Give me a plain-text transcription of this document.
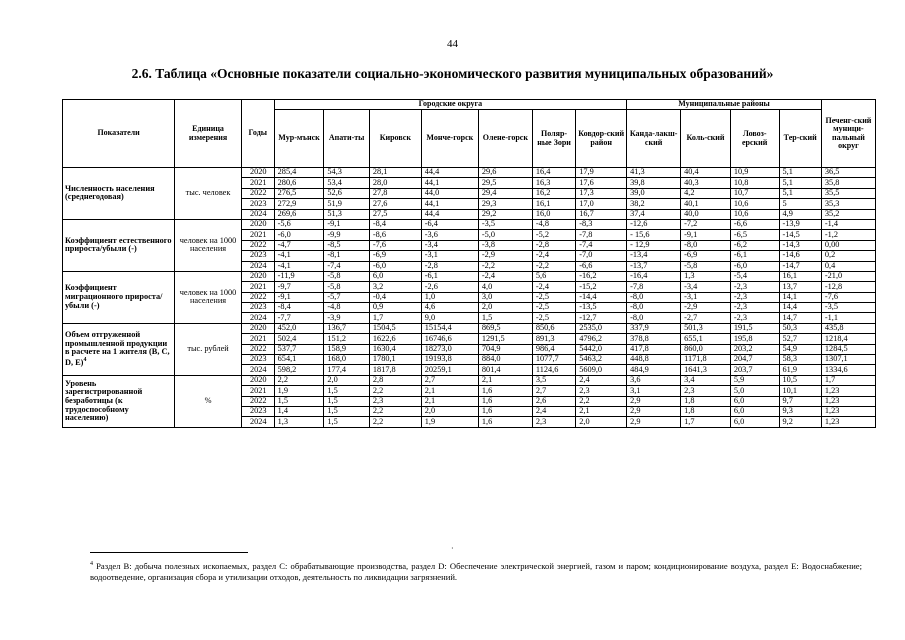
44
2.6. Таблица «Основные показатели социально-экономического развития муниципальных образований»
Показатели	Единица измерения	Годы	Городские округа							Муниципальные районы				Печенг-ский муници-пальный округ
			Мур-мънск	Апати-ты	Кировск	Монче-горск	Олене-горск	Поляр-ные Зори	Ковдор-ский район	Канда-лакш-ский	Коль-ский	Ловоз-ерский	Тер-ский	
Численность населения (среднегодовая)	тыс. человек	2020	285,4	54,3	28,1	44,4	29,6	16,4	17,9	41,3	40,4	10,9	5,1	36,5
		2021	280,6	53,4	28,0	44,1	29,5	16,3	17,6	39,8	40,3	10,8	5,1	35,8
		2022	276,5	52,6	27,8	44,0	29,4	16,2	17,3	39,0	4,2	10,7	5,1	35,5
		2023	272,9	51,9	27,6	44,1	29,3	16,1	17,0	38,2	40,1	10,6	5	35,3
		2024	269,6	51,3	27,5	44,4	29,2	16,0	16,7	37,4	40,0	10,6	4,9	35,2
Коэффициент естественного прироста/убыли (-)	человек на 1000 населения	2020	-5,6	-9,1	-8,4	-6,4	-3,5	-4,8	-8,3	-12,6	-7,2	-6,6	-13,9	-1,4
		2021	-6,0	-9,9	-8,6	-3,6	-5,0	-5,2	-7,8	- 15,6	-9,1	-6,5	-14,5	-1,2
		2022	-4,7	-8,5	-7,6	-3,4	-3,8	-2,8	-7,4	- 12,9	-8,0	-6,2	-14,3	0,00
		2023	-4,1	-8,1	-6,9	-3,1	-2,9	-2,4	-7,0	-13,4	-6,9	-6,1	-14,6	0,2
		2024	-4,1	-7,4	-6,0	-2,8	-2,2	-2,2	-6,6	-13,7	-5,8	-6,0	-14,7	0,4
Коэффициент миграционного прироста/убыли (-)	человек на 1000 населения	2020	-11,9	-5,8	6,0	-6,1	-2,4	5,6	-16,2	-16,4	1,3	-5,4	16,1	-21,0
		2021	-9,7	-5,8	3,2	-2,6	4,0	-2,4	-15,2	-7,8	-3,4	-2,3	13,7	-12,8
		2022	-9,1	-5,7	-0,4	1,0	3,0	-2,5	-14,4	-8,0	-3,1	-2,3	14,1	-7,6
		2023	-8,4	-4,8	0,9	4,6	2,0	-2,5	-13,5	-8,0	-2,9	-2,3	14,4	-3,5
		2024	-7,7	-3,9	1,7	9,0	1,5	-2,5	-12,7	-8,0	-2,7	-2,3	14,7	-1,1
Объем отгруженной промышленной продукции в расчете на 1 жителя (B, C, D, E)$^4$	тыс. рублей	2020	452,0	136,7	1504,5	15154,4	869,5	850,6	2535,0	337,9	501,3	191,5	50,3	435,8
		2021	502,4	151,2	1622,6	16746,6	1291,5	891,3	4796,2	378,8	655,1	195,8	52,7	1218,4
		2022	537,7	158,9	1630,4	18273,0	704,9	986,4	5442,0	417,8	860,0	203,2	54,9	1284,5
		2023	654,1	168,0	1780,1	19193,8	884,0	1077,7	5463,2	448,8	1171,8	204,7	58,3	1307,1
		2024	598,2	177,4	1817,8	20259,1	801,4	1124,6	5609,0	484,9	1641,3	203,7	61,9	1334,6
Уровень зарегистрированной безработицы (к трудоспособному населению)	%	2020	2,2	2,0	2,8	2,7	2,1	3,5	2,4	3,6	3,4	5,9	10,5	1,7
		2021	1,9	1,5	2,2	2,1	1,6	2,7	2,3	3,1	2,3	5,0	10,1	1,23
		2022	1,5	1,5	2,3	2,1	1,6	2,6	2,2	2,9	1,8	6,0	9,7	1,23
		2023	1,4	1,5	2,2	2,0	1,6	2,4	2,1	2,9	1,8	6,0	9,3	1,23
		2024	1,3	1,5	2,2	1,9	1,6	2,3	2,0	2,9	1,7	6,0	9,2	1,23
·
$^4$ Раздел B: добыча полезных ископаемых, раздел C: обрабатывающие производства, раздел D: Обеспечение электрической энергией, газом и паром; кондиционирование воздуха, раздел E: Водоснабжение; водоотведение, организация сбора и утилизации отходов, деятельность по ликвидации загрязнений.
